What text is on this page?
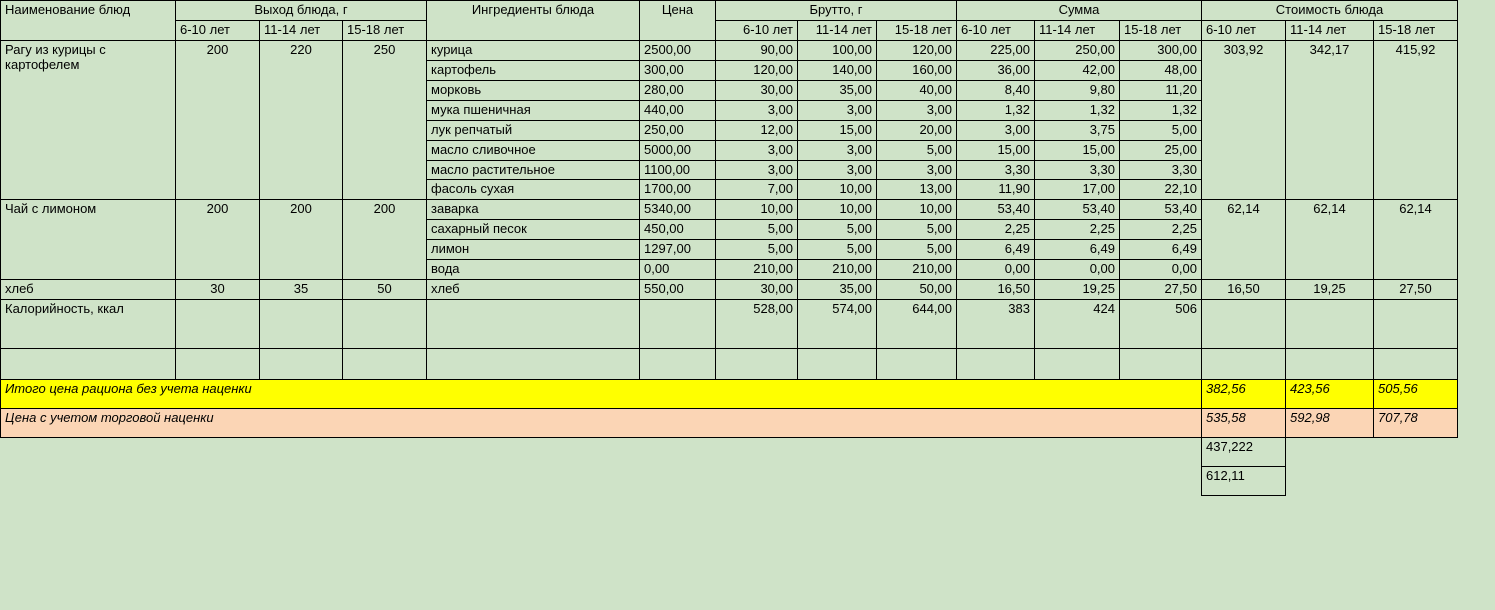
Наименование блюд	Выход блюда, г			Ингредиенты блюда	Цена	Брутто, г			Сумма			Стоимость блюда		
	6-10 лет	11-14 лет	15-18 лет			6-10 лет	11-14 лет	15-18 лет	6-10 лет	11-14 лет	15-18 лет	6-10 лет	11-14 лет	15-18 лет
Рагу из курицы с картофелем	200	220	250	курица	2500,00	90,00	100,00	120,00	225,00	250,00	300,00	303,92	342,17	415,92
				картофель	300,00	120,00	140,00	160,00	36,00	42,00	48,00			
				морковь	280,00	30,00	35,00	40,00	8,40	9,80	11,20			
				мука пшеничная	440,00	3,00	3,00	3,00	1,32	1,32	1,32			
				лук репчатый	250,00	12,00	15,00	20,00	3,00	3,75	5,00			
				масло сливочное	5000,00	3,00	3,00	5,00	15,00	15,00	25,00			
				масло растительное	1100,00	3,00	3,00	3,00	3,30	3,30	3,30			
				фасоль сухая	1700,00	7,00	10,00	13,00	11,90	17,00	22,10			
Чай с лимоном	200	200	200	заварка	5340,00	10,00	10,00	10,00	53,40	53,40	53,40	62,14	62,14	62,14
				сахарный песок	450,00	5,00	5,00	5,00	2,25	2,25	2,25			
				лимон	1297,00	5,00	5,00	5,00	6,49	6,49	6,49			
				вода	0,00	210,00	210,00	210,00	0,00	0,00	0,00			
хлеб	30	35	50	хлеб	550,00	30,00	35,00	50,00	16,50	19,25	27,50	16,50	19,25	27,50
Калорийность, ккал						528,00	574,00	644,00	383	424	506			

Итого цена рациона без учета наценки												382,56	423,56	505,56
Цена с учетом торговой наценки												535,58	592,98	707,78
												437,222		
												612,11		
